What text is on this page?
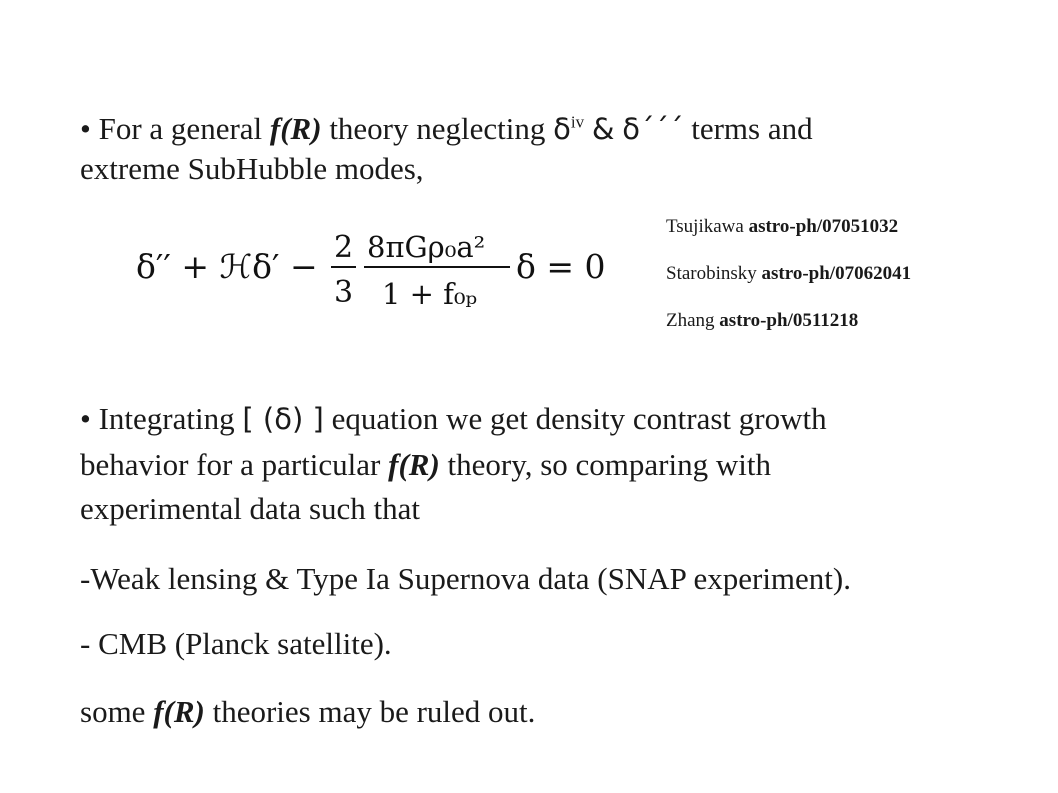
• For a general f(R) theory neglecting $\delta^{iv}$ & δ´´´ terms and

extreme SubHubble modes,

δ′′ + ℋδ′ − 2
3
8πGρ₀a²
1 + f₀ₚ
δ = 0
Tsujikawa astro-ph/07051032
Starobinsky astro-ph/07062041
Zhang astro-ph/0511218

• Integrating [ (δ) ] equation we get density contrast growth

behavior for a particular f(R) theory, so comparing with

experimental data such that

-Weak lensing & Type Ia Supernova data (SNAP experiment).

- CMB (Planck satellite).

some f(R) theories may be ruled out.
